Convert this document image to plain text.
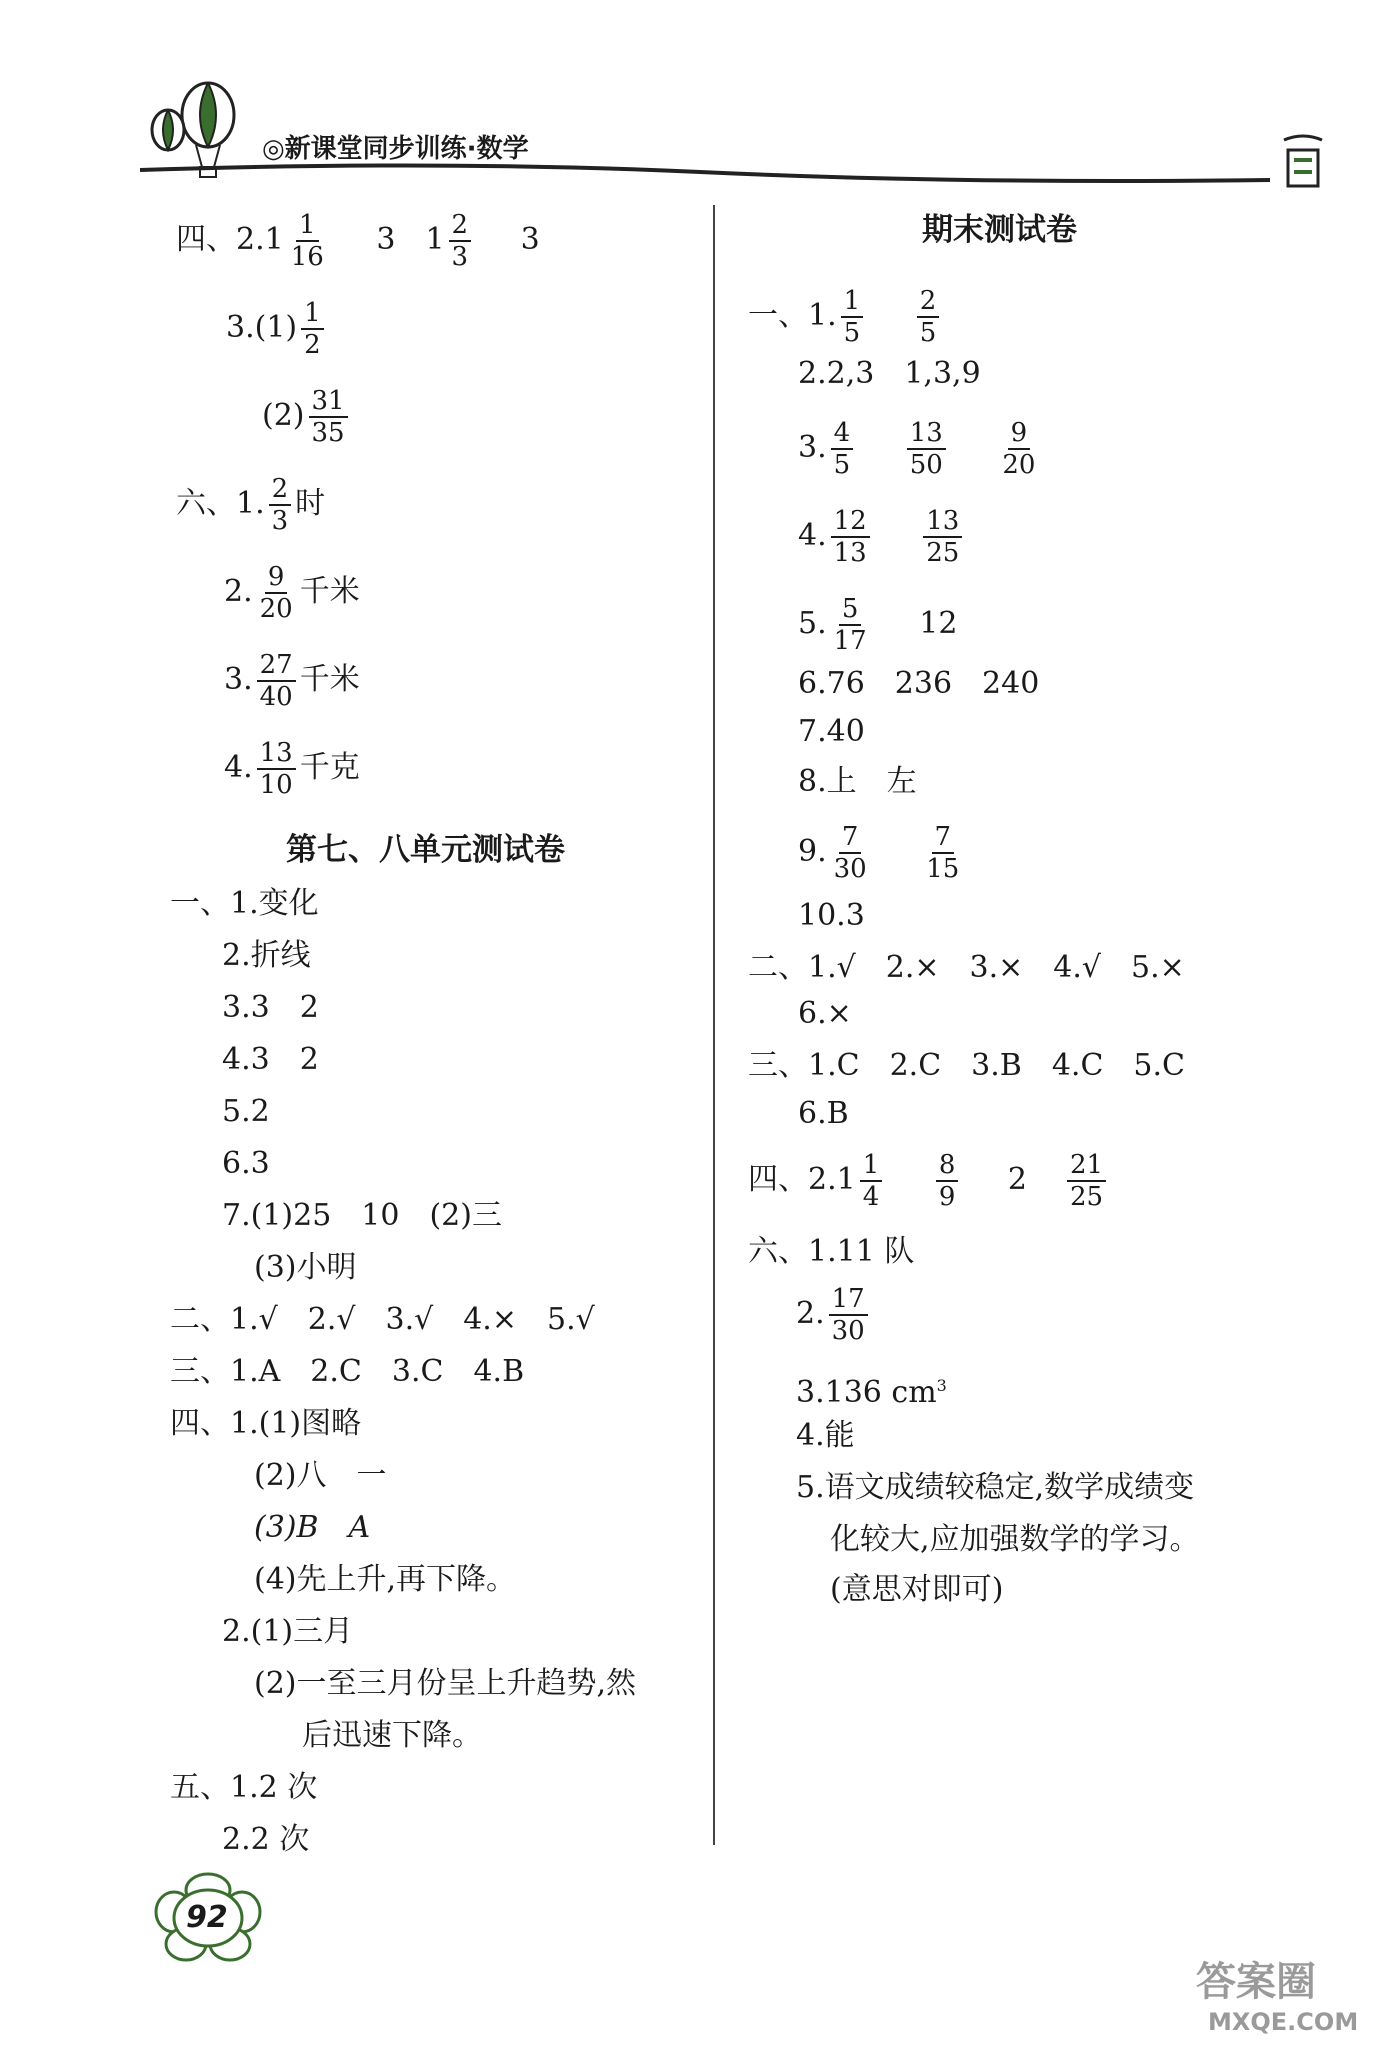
◎新课堂同步训练·数学
四、$2.1 \frac{1}{16} 3$　$1 \frac{2}{3} 3$
$3.(1) \frac{1}{2}$
$(2) \frac{31}{35}$
六、1. $\frac{2}{3}$ 时
2. $\frac{9}{20}$ 千米
3. $\frac{27}{40}$ 千米
4. $\frac{13}{10}$ 千克
第七、八单元测试卷
一、1.变化
2.折线
3.3　2
4.3　2
5.2
6.3
7.(1)25　10　(2)三
(3)小明
二、1.√　2.√　3.√　4.×　5.√
三、1.A　2.C　3.C　4.B
四、1.(1)图略
(2)八　一
(3)B　A
(4)先上升,再下降。
2.(1)三月
(2)一至三月份呈上升趋势,然
后迅速下降。
五、1.2 次
2.2 次
期末测试卷
一、1. $\frac{1}{5}$
$\frac{2}{5}$
2.2,3　1,3,9
3. $\frac{4}{5}$
$\frac{13}{50}$
$\frac{9}{20}$
4. $\frac{12}{13}$
$\frac{13}{25}$
5. $\frac{5}{17} 12$
6.76　236　240
7.40
8.上　左
9. $\frac{7}{30}$
$\frac{7}{15}$
10.3
二、1.√　2.×　3.×　4.√　5.×
6.×
三、1.C　2.C　3.B　4.C　5.C
6.B
四、$2.1 \frac{1}{4}$
$\frac{8}{9} 2 \frac{21}{25}$
六、1.11 队
2. $\frac{17}{30}$
3.136 $cm^3$
4.能
5.语文成绩较稳定,数学成绩变
化较大,应加强数学的学习。
(意思对即可)
92
答案圈
MXQE.COM
